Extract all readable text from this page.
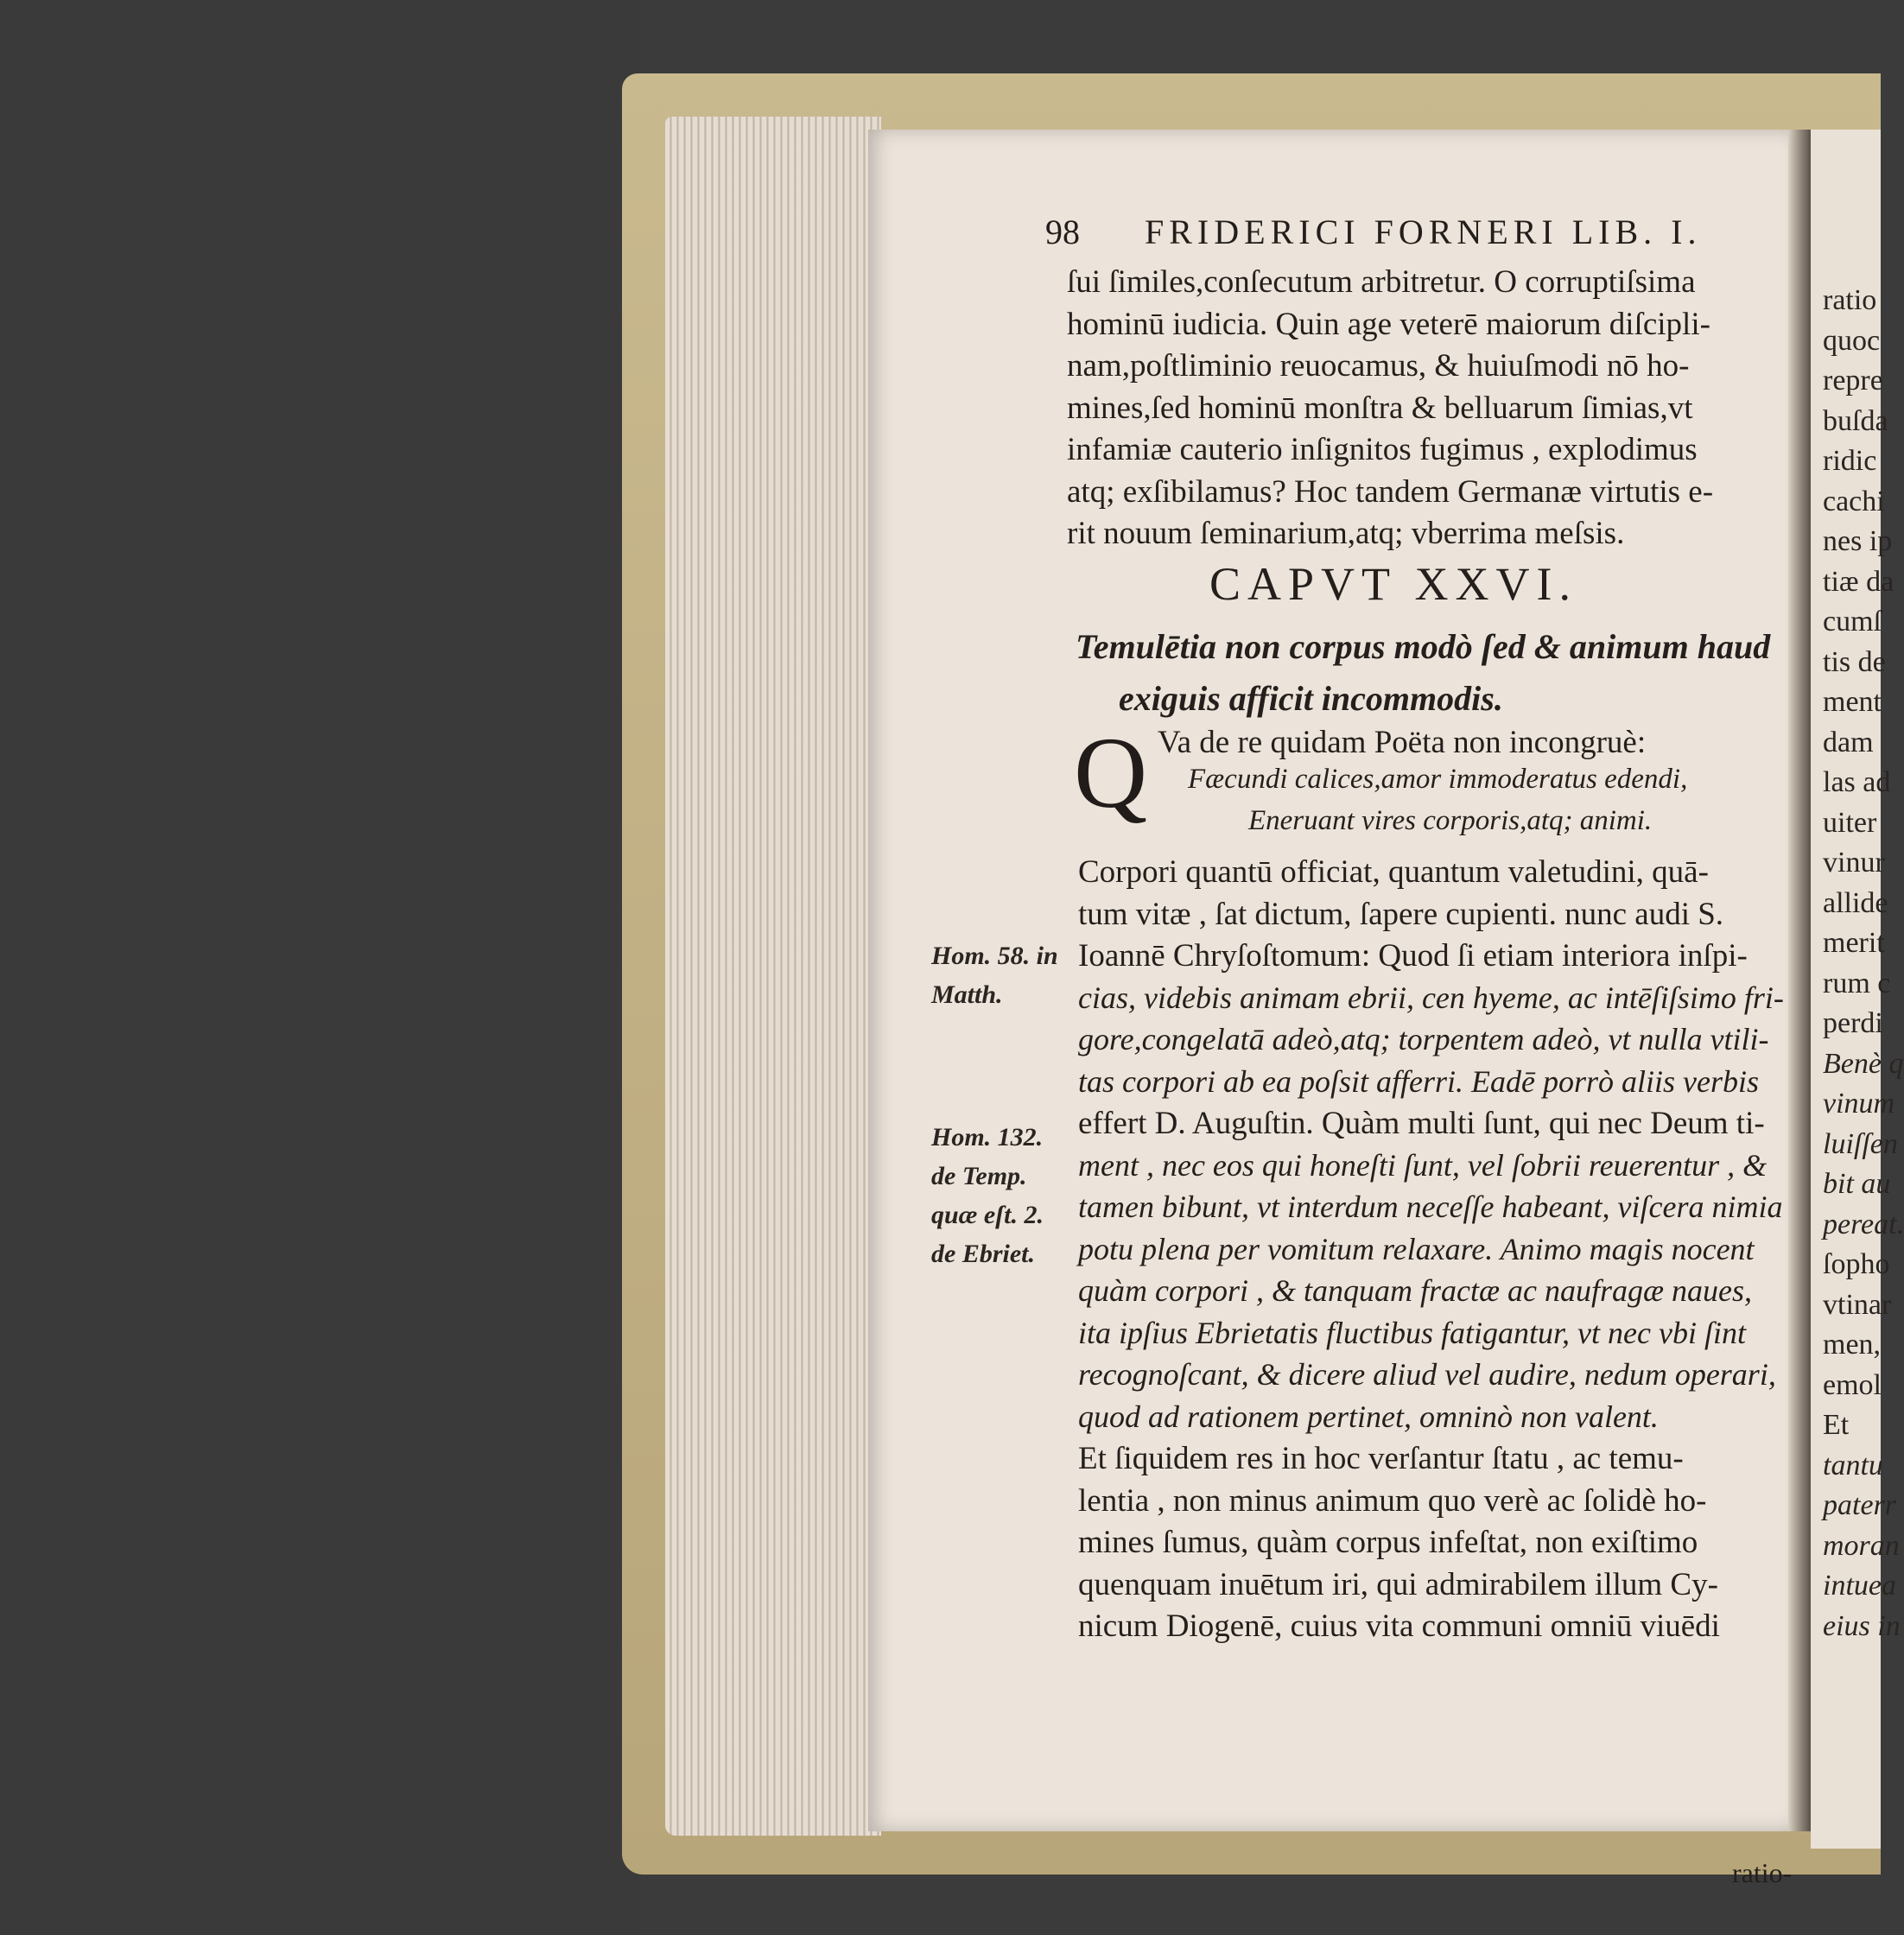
ratio
quoc
repre
buſda
ridic
cachi
nes ip
tiæ da
cumſ
tis de
ment
dam
las ad
uiter
vinur
allide
merit
rum c
perdi
Benè q
vinum
luiſſen
bit au
pereat.
ſopho
vtinar
men,
emol
Et
tantu
paterr
moran
intuea
eius in
98 FRIDERICI FORNERI LIB. I.
CAPVT XXVI.
Temulētia non corpus modò ſed & animum haud
exiguis afficit incommodis.
Q Va de re quidam Poëta non incongruè:
Fæcundi calices,amor immoderatus edendi,
Eneruant vires corporis,atq; animi.
ratio-
ſui ſimiles,conſecutum arbitretur. O corruptiſsima
hominū iudicia. Quin age veterē maiorum diſcipli-
nam,poſtliminio reuocamus, & huiuſmodi nō ho-
mines,ſed hominū monſtra & belluarum ſimias,vt
infamiæ cauterio inſignitos fugimus , explodimus
atq; exſibilamus? Hoc tandem Germanæ virtutis e-
rit nouum ſeminarium,atq; vberrima meſsis.
Corpori quantū officiat, quantum valetudini, quā-
tum vitæ , ſat dictum, ſapere cupienti. nunc audi S.
Ioannē Chryſoſtomum: Quod ſi etiam interiora inſpi-
cias, videbis animam ebrii, cen hyeme, ac intēſiſsimo fri-
gore,congelatā adeò,atq; torpentem adeò, vt nulla vtili-
tas corpori ab ea poſsit afferri. Eadē porrò aliis verbis
effert D. Auguſtin. Quàm multi ſunt, qui nec Deum ti-
ment , nec eos qui honeſti ſunt, vel ſobrii reuerentur , &
tamen bibunt, vt interdum neceſſe habeant, viſcera nimia
potu plena per vomitum relaxare. Animo magis nocent
quàm corpori , & tanquam fractæ ac naufragæ naues,
ita ipſius Ebrietatis fluctibus fatigantur, vt nec vbi ſint
recognoſcant, & dicere aliud vel audire, nedum operari,
quod ad rationem pertinet, omninò non valent.
Et ſiquidem res in hoc verſantur ſtatu , ac temu-
lentia , non minus animum quo verè ac ſolidè ho-
mines ſumus, quàm corpus infeſtat, non exiſtimo
quenquam inuētum iri, qui admirabilem illum Cy-
nicum Diogenē, cuius vita communi omniū viuēdi
Hom. 58. in
Matth.
Hom. 132.
de Temp.
quæ eſt. 2.
de Ebriet.
